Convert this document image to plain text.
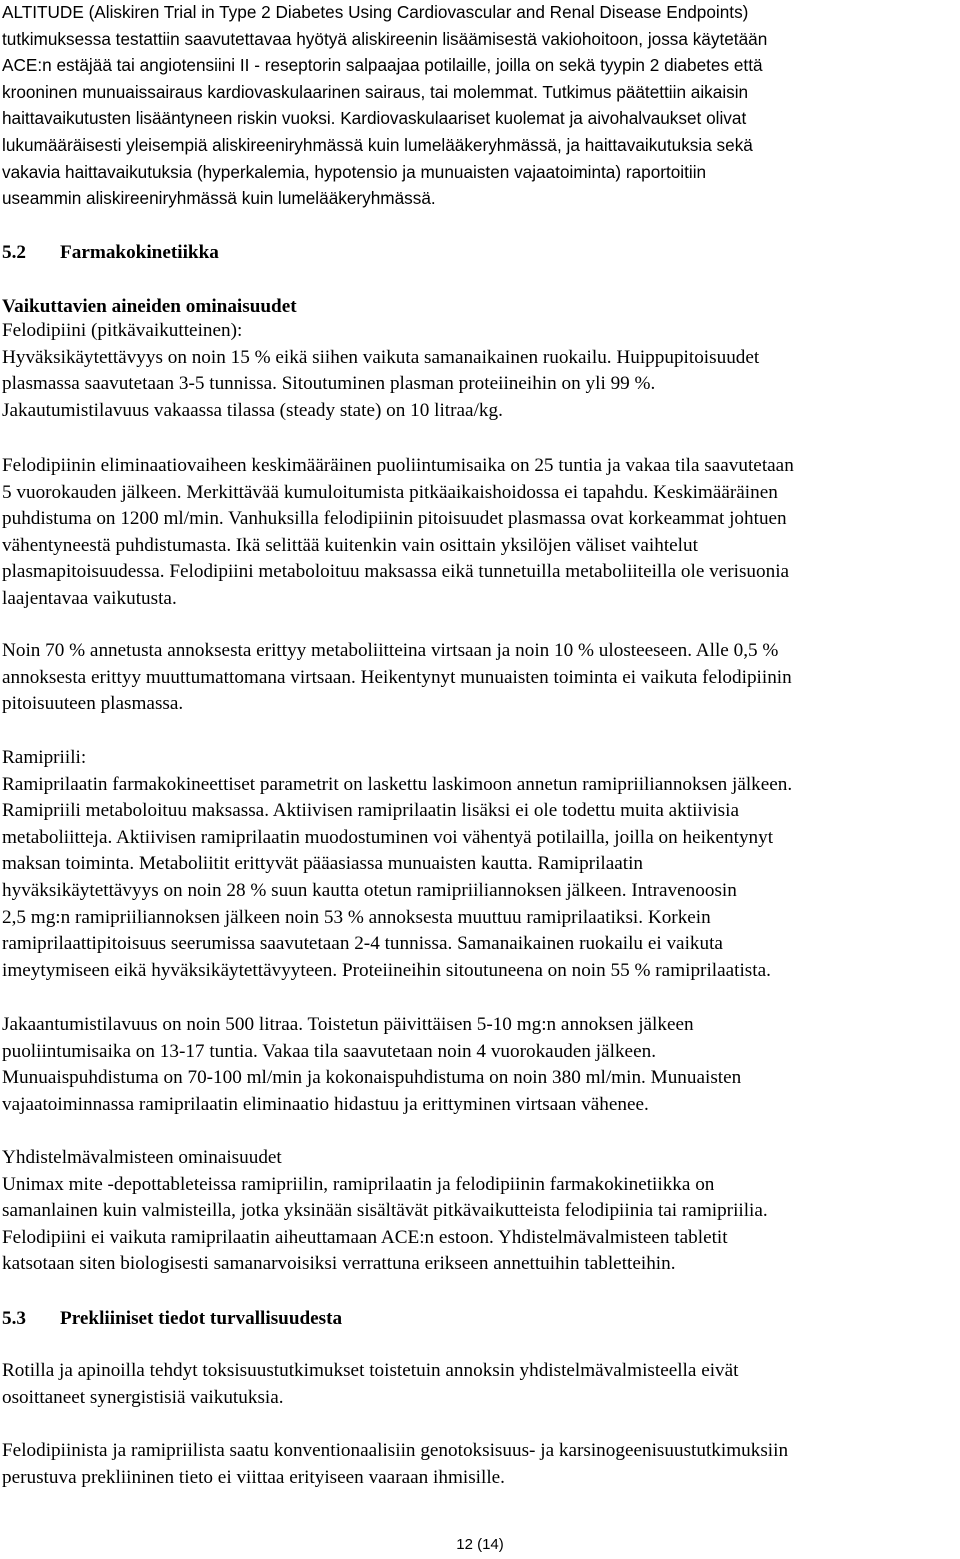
ALTITUDE (Aliskiren Trial in Type 2 Diabetes Using Cardiovascular and Renal Disease Endpoints)
tutkimuksessa testattiin saavutettavaa hyötyä aliskireenin lisäämisestä vakiohoitoon, jossa käytetään
ACE:n estäjää tai angiotensiini II - reseptorin salpaajaa potilaille, joilla on sekä tyypin 2 diabetes että
krooninen munuaissairaus kardiovaskulaarinen sairaus, tai molemmat. Tutkimus päätettiin aikaisin
haittavaikutusten lisääntyneen riskin vuoksi. Kardiovaskulaariset kuolemat ja aivohalvaukset olivat
lukumääräisesti yleisempiä aliskireeniryhmässä kuin lumelääkeryhmässä, ja haittavaikutuksia sekä
vakavia haittavaikutuksia (hyperkalemia, hypotensio ja munuaisten vajaatoiminta) raportoitiin
useammin aliskireeniryhmässä kuin lumelääkeryhmässä.
5.2 Farmakokinetiikka
Vaikuttavien aineiden ominaisuudet
Felodipiini (pitkävaikutteinen):
Hyväksikäytettävyys on noin 15 % eikä siihen vaikuta samanaikainen ruokailu. Huippupitoisuudet
plasmassa saavutetaan 3-5 tunnissa. Sitoutuminen plasman proteiineihin on yli 99 %.
Jakautumistilavuus vakaassa tilassa (steady state) on 10 litraa/kg.
Felodipiinin eliminaatiovaiheen keskimääräinen puoliintumisaika on 25 tuntia ja vakaa tila saavutetaan
5 vuorokauden jälkeen. Merkittävää kumuloitumista pitkäaikaishoidossa ei tapahdu. Keskimääräinen
puhdistuma on 1200 ml/min. Vanhuksilla felodipiinin pitoisuudet plasmassa ovat korkeammat johtuen
vähentyneestä puhdistumasta. Ikä selittää kuitenkin vain osittain yksilöjen väliset vaihtelut
plasmapitoisuudessa. Felodipiini metaboloituu maksassa eikä tunnetuilla metaboliiteilla ole verisuonia
laajentavaa vaikutusta.
Noin 70 % annetusta annoksesta erittyy metaboliitteina virtsaan ja noin 10 % ulosteeseen. Alle 0,5 %
annoksesta erittyy muuttumattomana virtsaan. Heikentynyt munuaisten toiminta ei vaikuta felodipiinin
pitoisuuteen plasmassa.
Ramipriili:
Ramiprilaatin farmakokineettiset parametrit on laskettu laskimoon annetun ramipriiliannoksen jälkeen.
Ramipriili metaboloituu maksassa. Aktiivisen ramiprilaatin lisäksi ei ole todettu muita aktiivisia
metaboliitteja. Aktiivisen ramiprilaatin muodostuminen voi vähentyä potilailla, joilla on heikentynyt
maksan toiminta. Metaboliitit erittyvät pääasiassa munuaisten kautta. Ramiprilaatin
hyväksikäytettävyys on noin 28 % suun kautta otetun ramipriiliannoksen jälkeen. Intravenoosin
2,5 mg:n ramipriiliannoksen jälkeen noin 53 % annoksesta muuttuu ramiprilaatiksi. Korkein
ramiprilaattipitoisuus seerumissa saavutetaan 2-4 tunnissa. Samanaikainen ruokailu ei vaikuta
imeytymiseen eikä hyväksikäytettävyyteen. Proteiineihin sitoutuneena on noin 55 % ramiprilaatista.
Jakaantumistilavuus on noin 500 litraa. Toistetun päivittäisen 5-10 mg:n annoksen jälkeen
puoliintumisaika on 13-17 tuntia. Vakaa tila saavutetaan noin 4 vuorokauden jälkeen.
Munuaispuhdistuma on 70-100 ml/min ja kokonaispuhdistuma on noin 380 ml/min. Munuaisten
vajaatoiminnassa ramiprilaatin eliminaatio hidastuu ja erittyminen virtsaan vähenee.
Yhdistelmävalmisteen ominaisuudet
Unimax mite -depottableteissa ramipriilin, ramiprilaatin ja felodipiinin farmakokinetiikka on
samanlainen kuin valmisteilla, jotka yksinään sisältävät pitkävaikutteista felodipiinia tai ramipriilia.
Felodipiini ei vaikuta ramiprilaatin aiheuttamaan ACE:n estoon. Yhdistelmävalmisteen tabletit
katsotaan siten biologisesti samanarvoisiksi verrattuna erikseen annettuihin tabletteihin.
5.3 Prekliiniset tiedot turvallisuudesta
Rotilla ja apinoilla tehdyt toksisuustutkimukset toistetuin annoksin yhdistelmävalmisteella eivät
osoittaneet synergistisiä vaikutuksia.
Felodipiinista ja ramipriilista saatu konventionaalisiin genotoksisuus- ja karsinogeenisuustutkimuksiin
perustuva prekliininen tieto ei viittaa erityiseen vaaraan ihmisille.
12 (14)
